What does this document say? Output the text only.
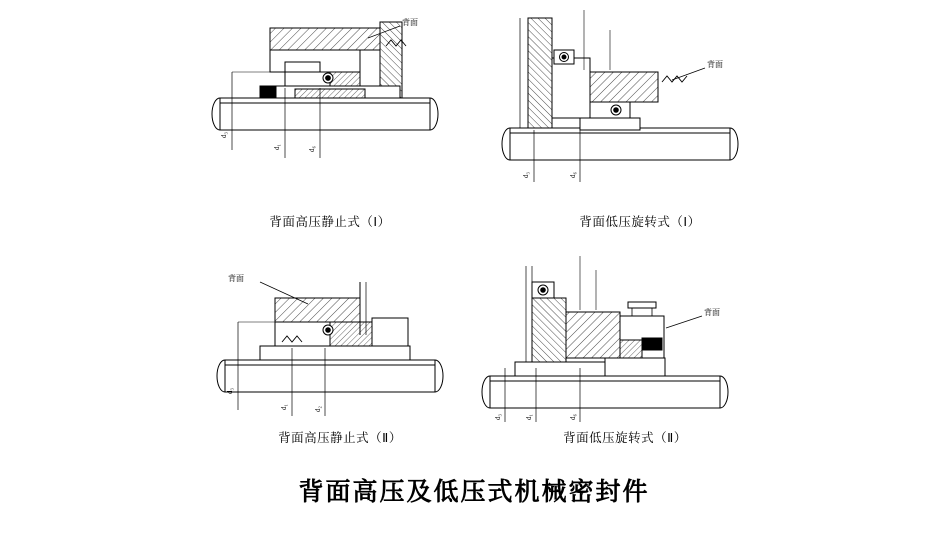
d₃
d₁	d₆
背面
d₃	d₆
背面
d₃
d₁	d₂
背面
d₃	d₁	d₆
背面
背面高压静止式（Ⅰ）	背面低压旋转式（Ⅰ）
背面高压静止式（Ⅱ）	背面低压旋转式（Ⅱ）
背面高压及低压式机械密封件
